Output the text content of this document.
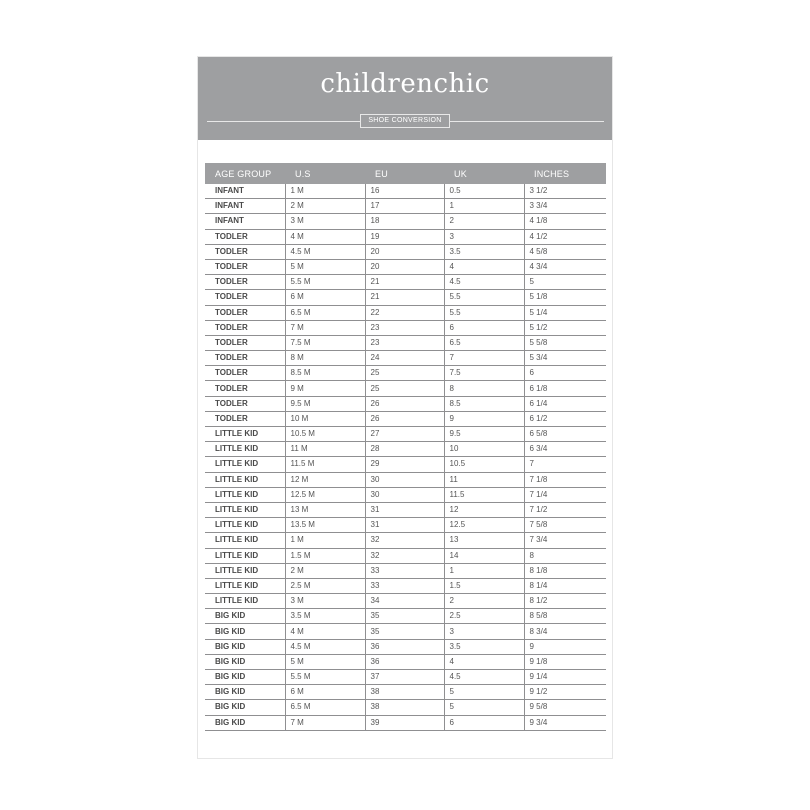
childrenchic
SHOE CONVERSION
AGE GROUP	U.S	EU	UK	INCHES
INFANT	1 M	16	0.5	3 1/2
INFANT	2 M	17	1	3 3/4
INFANT	3 M	18	2	4 1/8
TODLER	4 M	19	3	4 1/2
TODLER	4.5 M	20	3.5	4 5/8
TODLER	5 M	20	4	4 3/4
TODLER	5.5 M	21	4.5	5
TODLER	6 M	21	5.5	5 1/8
TODLER	6.5 M	22	5.5	5 1/4
TODLER	7 M	23	6	5 1/2
TODLER	7.5 M	23	6.5	5 5/8
TODLER	8 M	24	7	5 3/4
TODLER	8.5 M	25	7.5	6
TODLER	9 M	25	8	6 1/8
TODLER	9.5 M	26	8.5	6 1/4
TODLER	10 M	26	9	6 1/2
LITTLE KID	10.5 M	27	9.5	6 5/8
LITTLE KID	11 M	28	10	6 3/4
LITTLE KID	11.5 M	29	10.5	7
LITTLE KID	12 M	30	11	7 1/8
LITTLE KID	12.5 M	30	11.5	7 1/4
LITTLE KID	13 M	31	12	7 1/2
LITTLE KID	13.5 M	31	12.5	7 5/8
LITTLE KID	1 M	32	13	7 3/4
LITTLE KID	1.5 M	32	14	8
LITTLE KID	2 M	33	1	8 1/8
LITTLE KID	2.5 M	33	1.5	8 1/4
LITTLE KID	3 M	34	2	8 1/2
BIG KID	3.5 M	35	2.5	8 5/8
BIG KID	4 M	35	3	8 3/4
BIG KID	4.5 M	36	3.5	9
BIG KID	5 M	36	4	9 1/8
BIG KID	5.5 M	37	4.5	9 1/4
BIG KID	6 M	38	5	9 1/2
BIG KID	6.5 M	38	5	9 5/8
BIG KID	7 M	39	6	9 3/4
